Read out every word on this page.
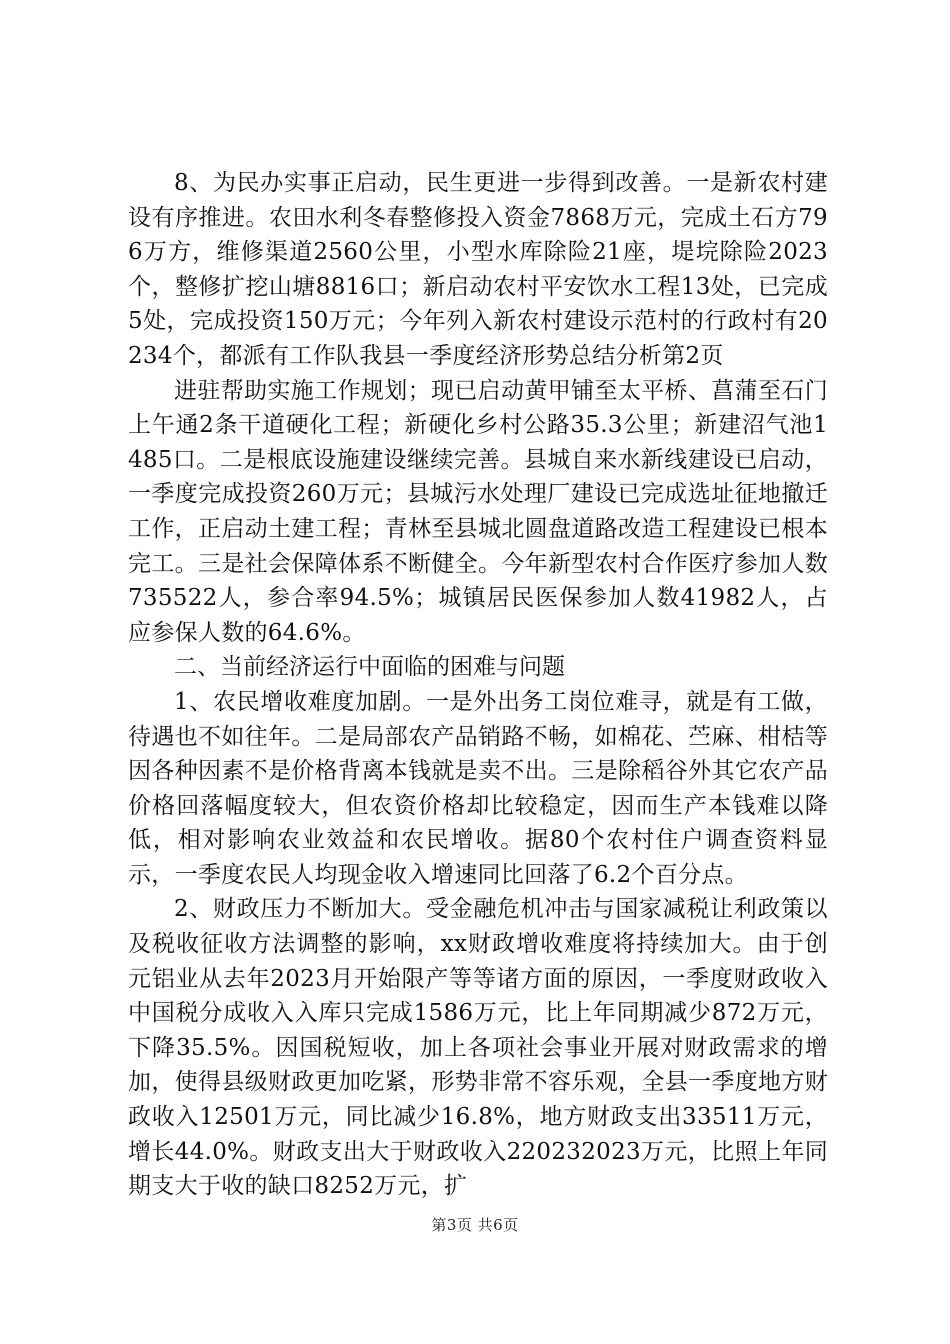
8、为民办实事正启动，民生更进一步得到改善。一是新农村建设有序推进。农田水利冬春整修投入资金7868万元，完成土石方796万方，维修渠道2560公里，小型水库除险21座，堤垸除险2023个，整修扩挖山塘8816口；新启动农村平安饮水工程13处，已完成5处，完成投资150万元；今年列入新农村建设示范村的行政村有20234个，都派有工作队我县一季度经济形势总结分析第2页

进驻帮助实施工作规划；现已启动黄甲铺至太平桥、菖蒲至石门上午通2条干道硬化工程；新硬化乡村公路35.3公里；新建沼气池1485口。二是根底设施建设继续完善。县城自来水新线建设已启动，一季度完成投资260万元；县城污水处理厂建设已完成选址征地撤迁工作，正启动土建工程；青林至县城北圆盘道路改造工程建设已根本完工。三是社会保障体系不断健全。今年新型农村合作医疗参加人数735522人，参合率94.5%；城镇居民医保参加人数41982人，占应参保人数的64.6%。

二、当前经济运行中面临的困难与问题

1、农民增收难度加剧。一是外出务工岗位难寻，就是有工做，待遇也不如往年。二是局部农产品销路不畅，如棉花、苎麻、柑桔等因各种因素不是价格背离本钱就是卖不出。三是除稻谷外其它农产品价格回落幅度较大，但农资价格却比较稳定，因而生产本钱难以降低，相对影响农业效益和农民增收。据80个农村住户调查资料显示，一季度农民人均现金收入增速同比回落了6.2个百分点。

2、财政压力不断加大。受金融危机冲击与国家减税让利政策以及税收征收方法调整的影响，xx财政增收难度将持续加大。由于创元铝业从去年2023月开始限产等等诸方面的原因，一季度财政收入中国税分成收入入库只完成1586万元，比上年同期减少872万元，下降35.5%。因国税短收，加上各项社会事业开展对财政需求的增加，使得县级财政更加吃紧，形势非常不容乐观，全县一季度地方财政收入12501万元，同比减少16.8%，地方财政支出33511万元，增长44.0%。财政支出大于财政收入220232023万元，比照上年同期支大于收的缺口8252万元，扩

第3页 共6页
